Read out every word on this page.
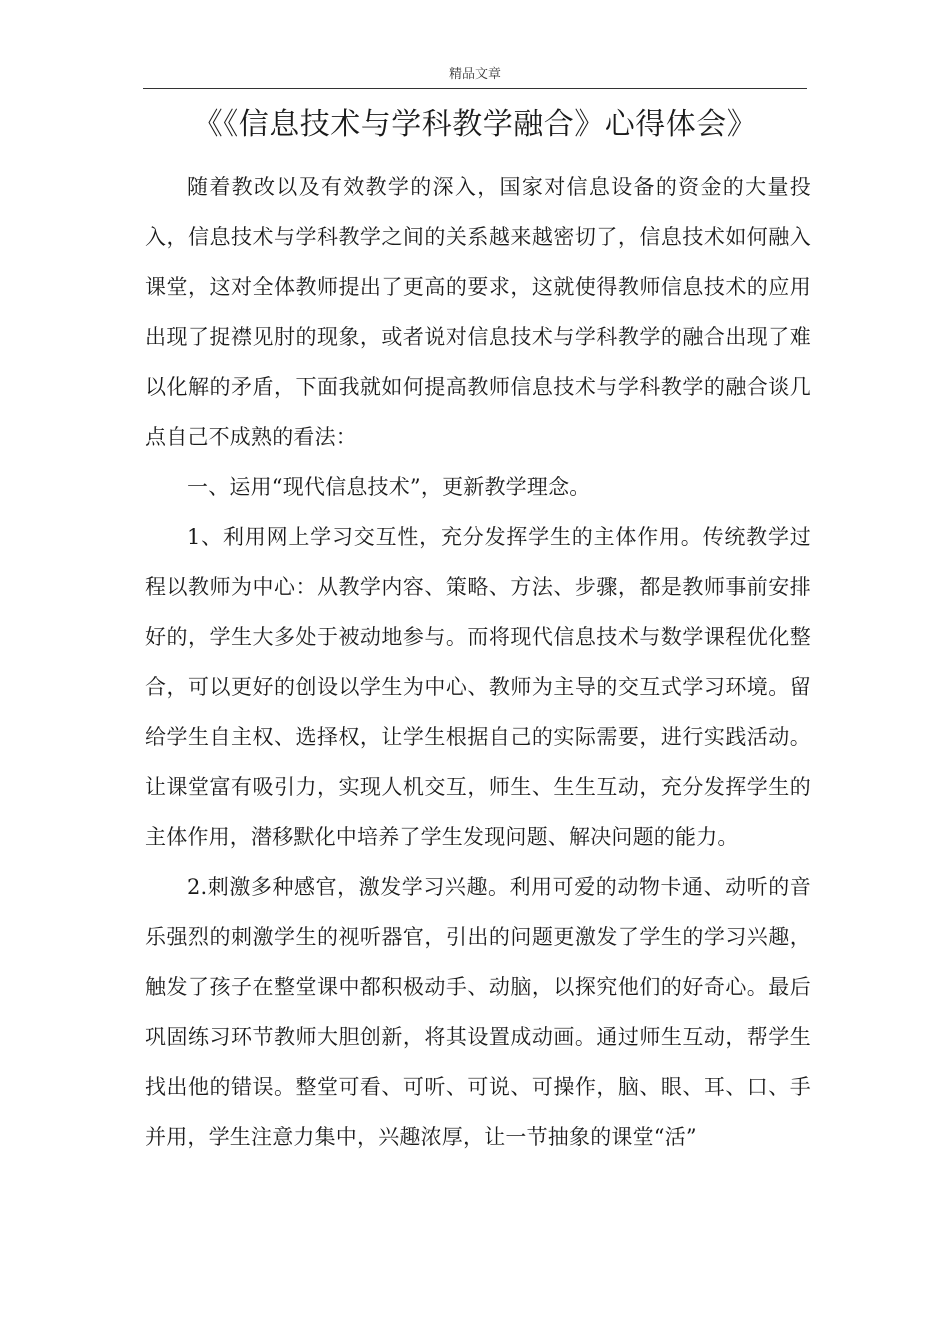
精品文章
《《信息技术与学科教学融合》心得体会》

随着教改以及有效教学的深入，国家对信息设备的资金的大量投入，信息技术与学科教学之间的关系越来越密切了，信息技术如何融入课堂，这对全体教师提出了更高的要求，这就使得教师信息技术的应用出现了捉襟见肘的现象，或者说对信息技术与学科教学的融合出现了难以化解的矛盾，下面我就如何提高教师信息技术与学科教学的融合谈几点自己不成熟的看法：

一、运用“现代信息技术”，更新教学理念。

1、利用网上学习交互性，充分发挥学生的主体作用。传统教学过程以教师为中心：从教学内容、策略、方法、步骤，都是教师事前安排好的，学生大多处于被动地参与。而将现代信息技术与数学课程优化整合，可以更好的创设以学生为中心、教师为主导的交互式学习环境。留给学生自主权、选择权，让学生根据自己的实际需要，进行实践活动。让课堂富有吸引力，实现人机交互，师生、生生互动，充分发挥学生的主体作用，潜移默化中培养了学生发现问题、解决问题的能力。

2.刺激多种感官，激发学习兴趣。利用可爱的动物卡通、动听的音乐强烈的刺激学生的视听器官，引出的问题更激发了学生的学习兴趣，触发了孩子在整堂课中都积极动手、动脑，以探究他们的好奇心。最后巩固练习环节教师大胆创新，将其设置成动画。通过师生互动，帮学生找出他的错误。整堂可看、可听、可说、可操作，脑、眼、耳、口、手并用，学生注意力集中，兴趣浓厚，让一节抽象的课堂“活”
